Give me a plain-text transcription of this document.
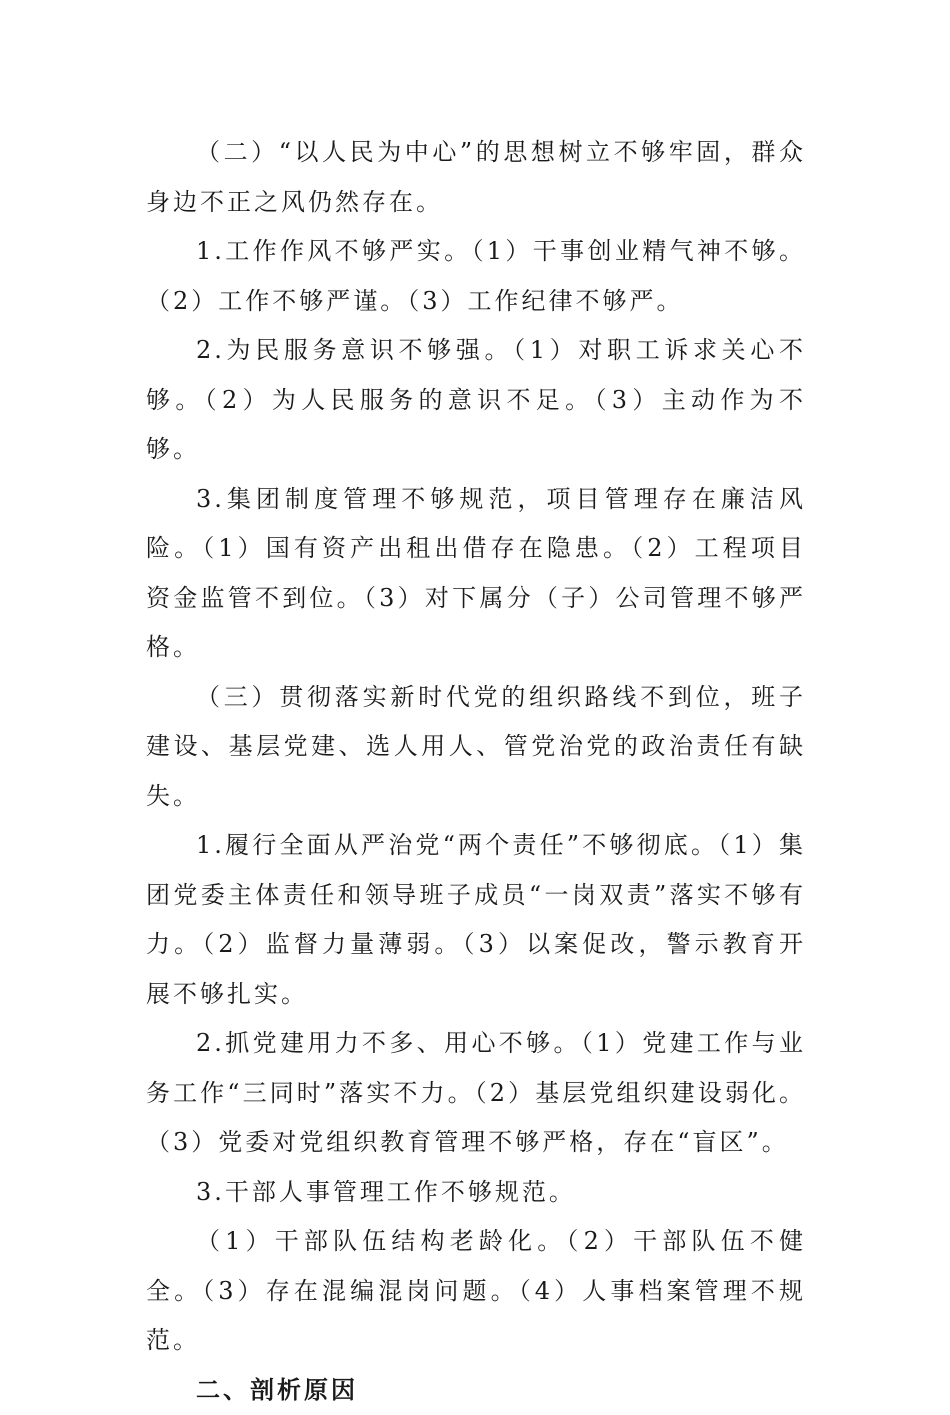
（二）“以人民为中心”的思想树立不够牢固，群众身边不正之风仍然存在。

1.工作作风不够严实。（1）干事创业精气神不够。（2）工作不够严谨。（3）工作纪律不够严。

2.为民服务意识不够强。（1）对职工诉求关心不够。（2）为人民服务的意识不足。（3）主动作为不够。

3.集团制度管理不够规范，项目管理存在廉洁风险。（1）国有资产出租出借存在隐患。（2）工程项目资金监管不到位。（3）对下属分（子）公司管理不够严格。

（三）贯彻落实新时代党的组织路线不到位，班子建设、基层党建、选人用人、管党治党的政治责任有缺失。

1.履行全面从严治党“两个责任”不够彻底。（1）集团党委主体责任和领导班子成员“一岗双责”落实不够有力。（2）监督力量薄弱。（3）以案促改，警示教育开展不够扎实。

2.抓党建用力不多、用心不够。（1）党建工作与业务工作“三同时”落实不力。（2）基层党组织建设弱化。（3）党委对党组织教育管理不够严格，存在“盲区”。

3.干部人事管理工作不够规范。

（1）干部队伍结构老龄化。（2）干部队伍不健全。（3）存在混编混岗问题。（4）人事档案管理不规范。

二、剖析原因
